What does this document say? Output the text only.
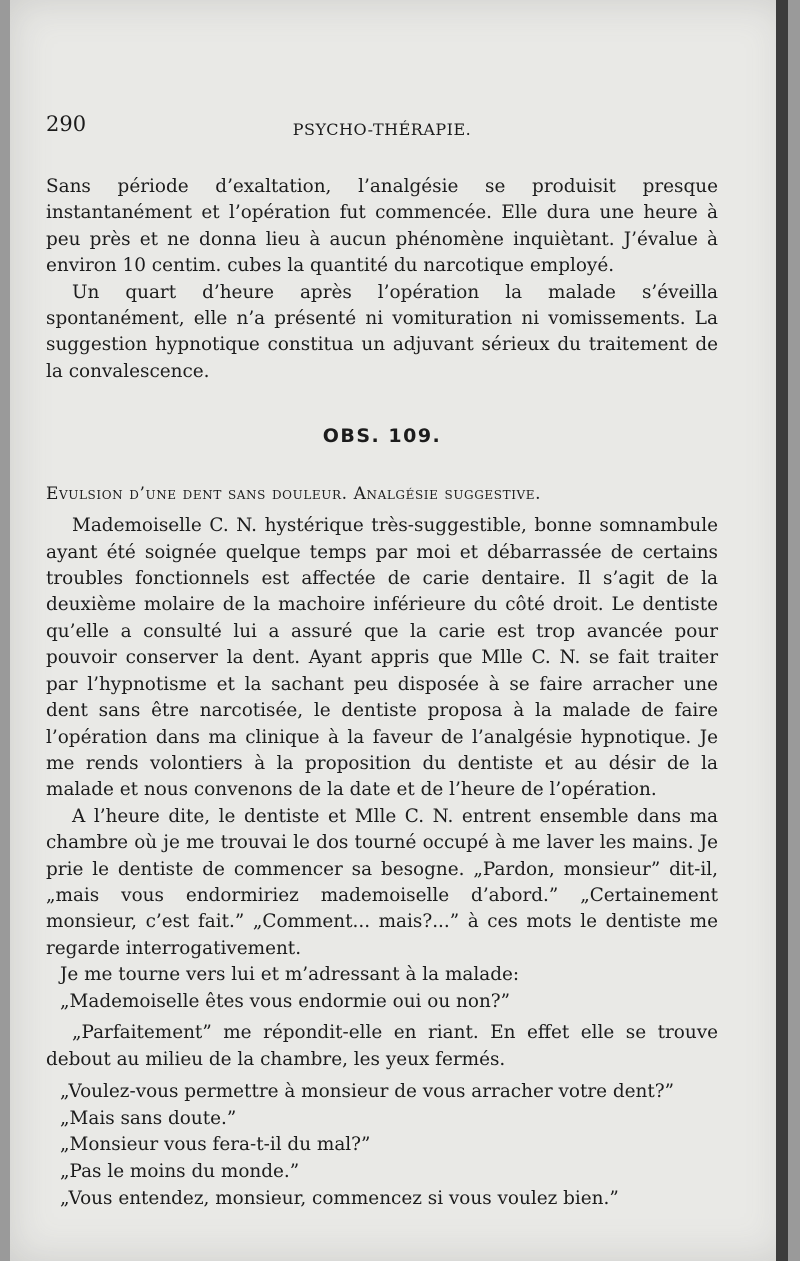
290	PSYCHO-THÉRAPIE.

Sans période d’exaltation, l’analgésie se produisit presque instantanément et l’opération fut commencée. Elle dura une heure à peu près et ne donna lieu à aucun phénomène inquiètant. J’évalue à environ 10 centim. cubes la quantité du narcotique employé.

Un quart d’heure après l’opération la malade s’éveilla spontanément, elle n’a présenté ni vomituration ni vomissements. La suggestion hypnotique constitua un adjuvant sérieux du traitement de la convalescence.

OBS. 109.
Evulsion d’une dent sans douleur. Analgésie suggestive.

Mademoiselle C. N. hystérique très-suggestible, bonne somnambule ayant été soignée quelque temps par moi et débarrassée de certains troubles fonctionnels est affectée de carie dentaire. Il s’agit de la deuxième molaire de la machoire inférieure du côté droit. Le dentiste qu’elle a consulté lui a assuré que la carie est trop avancée pour pouvoir conserver la dent. Ayant appris que Mlle C. N. se fait traiter par l’hypnotisme et la sachant peu disposée à se faire arracher une dent sans être narcotisée, le dentiste proposa à la malade de faire l’opération dans ma clinique à la faveur de l’analgésie hypnotique. Je me rends volontiers à la proposition du dentiste et au désir de la malade et nous convenons de la date et de l’heure de l’opération.

A l’heure dite, le dentiste et Mlle C. N. entrent ensemble dans ma chambre où je me trouvai le dos tourné occupé à me laver les mains. Je prie le dentiste de commencer sa besogne. „Pardon, monsieur” dit-il, „mais vous endormiriez mademoiselle d’abord.” „Certainement monsieur, c’est fait.” „Comment... mais?...” à ces mots le dentiste me regarde interrogativement.

Je me tourne vers lui et m’adressant à la malade:

„Mademoiselle êtes vous endormie oui ou non?”

„Parfaitement” me répondit-elle en riant. En effet elle se trouve debout au milieu de la chambre, les yeux fermés.

„Voulez-vous permettre à monsieur de vous arracher votre dent?”

„Mais sans doute.”

„Monsieur vous fera-t-il du mal?”

„Pas le moins du monde.”

„Vous entendez, monsieur, commencez si vous voulez bien.”
